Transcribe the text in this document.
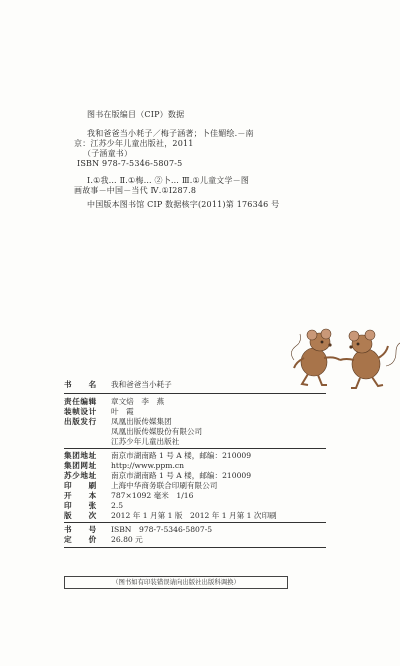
图书在版编目（CIP）数据
我和爸爸当小耗子／梅子涵著；卜佳媚绘.－南
京：江苏少年儿童出版社，2011
（子涵童书）
ISBN 978-7-5346-5807-5
Ⅰ.①我… Ⅱ.①梅… ②卜… Ⅲ.①儿童文学－图
画故事－中国－当代 Ⅳ.①I287.8
中国版本图书馆 CIP 数据核字(2011)第 176346 号
书　　名	我和爸爸当小耗子
责任编辑	章文焙　李　燕
装帧设计	叶　霞
出版发行	凤凰出版传媒集团
凤凰出版传媒股份有限公司
江苏少年儿童出版社
集团地址	南京市湖南路 1 号 A 楼，邮编：210009
集团网址	http://www.ppm.cn
苏少地址	南京市湖南路 1 号 A 楼，邮编：210009
印　　刷	上海中华商务联合印刷有限公司
开　　本	787×1092 毫米　1/16
印　　张	2.5
版　　次	2012 年 1 月第 1 版　2012 年 1 月第 1 次印刷
书　　号	ISBN　978-7-5346-5807-5
定　　价	26.80 元
（图书如有印装错误请向出版社出版科调换）
